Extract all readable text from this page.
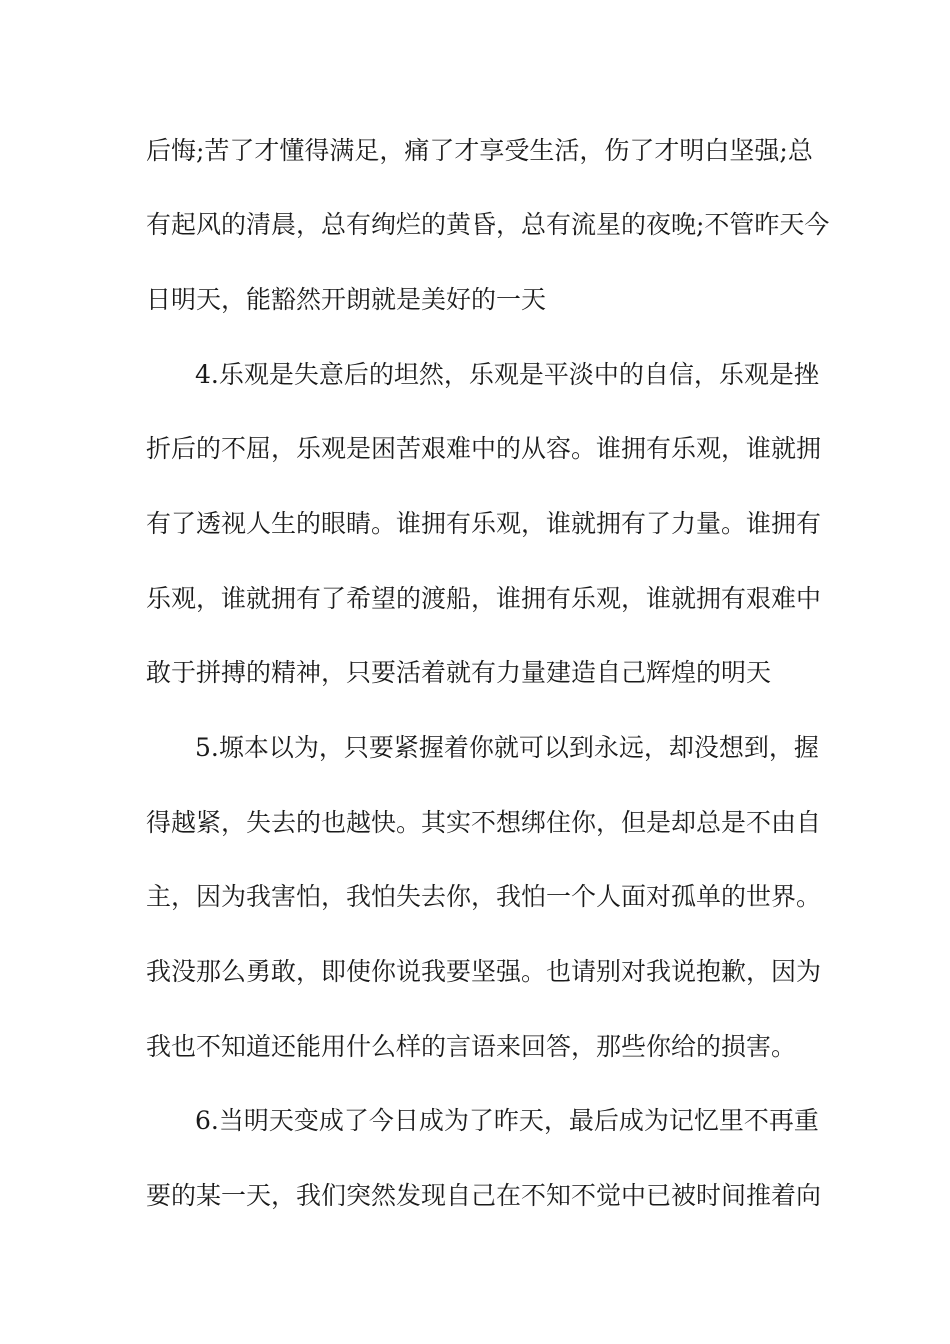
后悔;苦了才懂得满足，痛了才享受生活，伤了才明白坚强;总
有起风的清晨，总有绚烂的黄昏，总有流星的夜晚;不管昨天今
日明天，能豁然开朗就是美好的一天
4.乐观是失意后的坦然，乐观是平淡中的自信，乐观是挫
折后的不屈，乐观是困苦艰难中的从容。谁拥有乐观，谁就拥
有了透视人生的眼睛。谁拥有乐观，谁就拥有了力量。谁拥有
乐观，谁就拥有了希望的渡船，谁拥有乐观，谁就拥有艰难中
敢于拼搏的精神，只要活着就有力量建造自己辉煌的明天
5.塬本以为，只要紧握着你就可以到永远，却没想到，握
得越紧，失去的也越快。其实不想绑住你，但是却总是不由自
主，因为我害怕，我怕失去你，我怕一个人面对孤单的世界。
我没那么勇敢，即使你说我要坚强。也请别对我说抱歉，因为
我也不知道还能用什么样的言语来回答，那些你给的损害。
6.当明天变成了今日成为了昨天，最后成为记忆里不再重
要的某一天，我们突然发现自己在不知不觉中已被时间推着向
